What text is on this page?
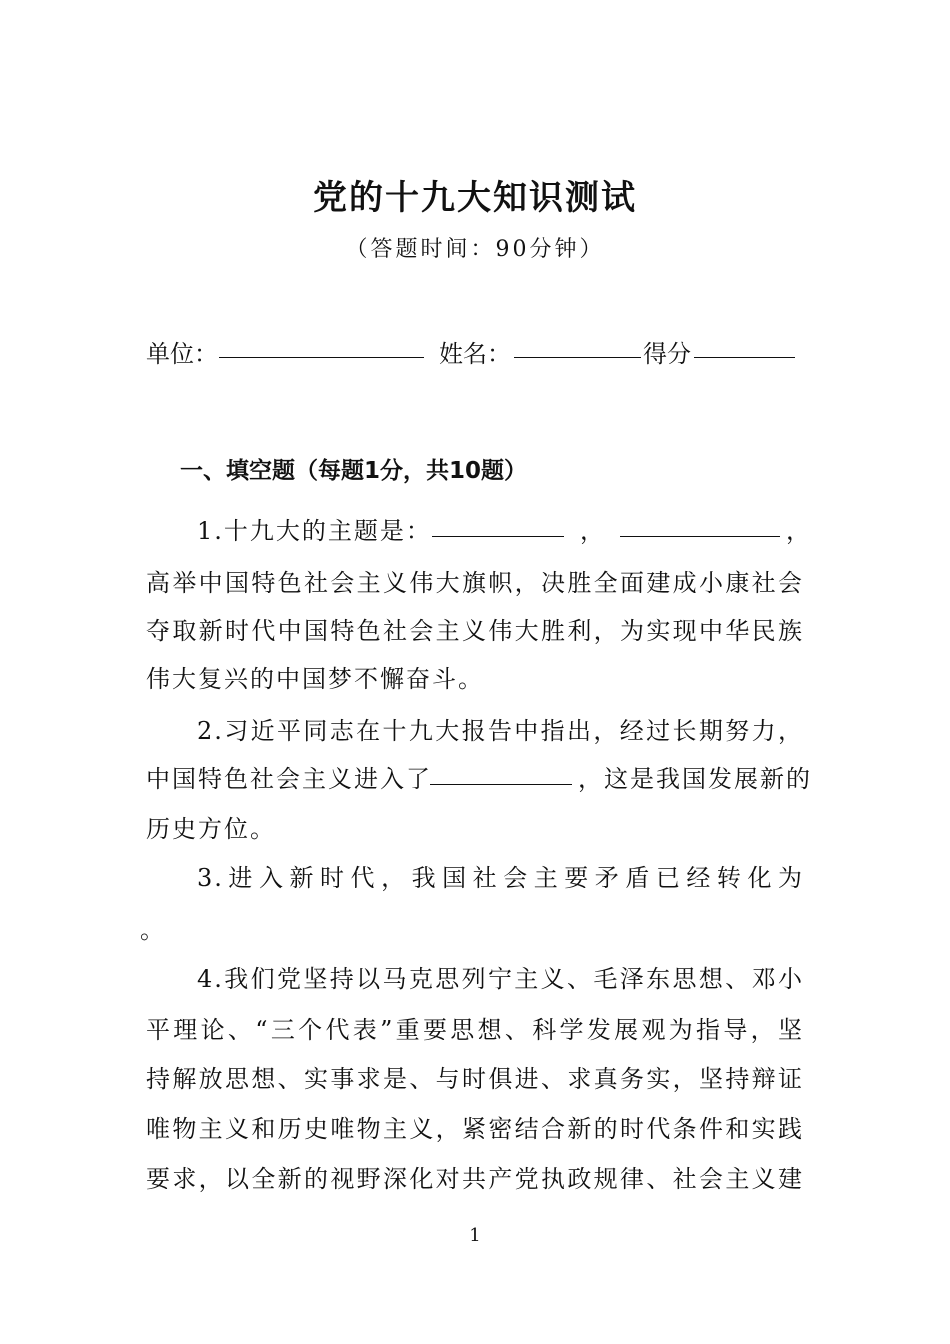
党的十九大知识测试
（答题时间：90分钟）
单位：	姓名：	得分
一、填空题（每题1分，共10题）
1.十九大的主题是：	，	，
高举中国特色社会主义伟大旗帜，决胜全面建成小康社会
夺取新时代中国特色社会主义伟大胜利，为实现中华民族
伟大复兴的中国梦不懈奋斗。
2.习近平同志在十九大报告中指出，经过长期努力，
中国特色社会主义进入了	，这是我国发展新的
历史方位。
3.进入新时代，我国社会主要矛盾已经转化为
。
4.我们党坚持以马克思列宁主义、毛泽东思想、邓小
平理论、“三个代表”重要思想、科学发展观为指导，坚
持解放思想、实事求是、与时俱进、求真务实，坚持辩证
唯物主义和历史唯物主义，紧密结合新的时代条件和实践
要求，以全新的视野深化对共产党执政规律、社会主义建
1
